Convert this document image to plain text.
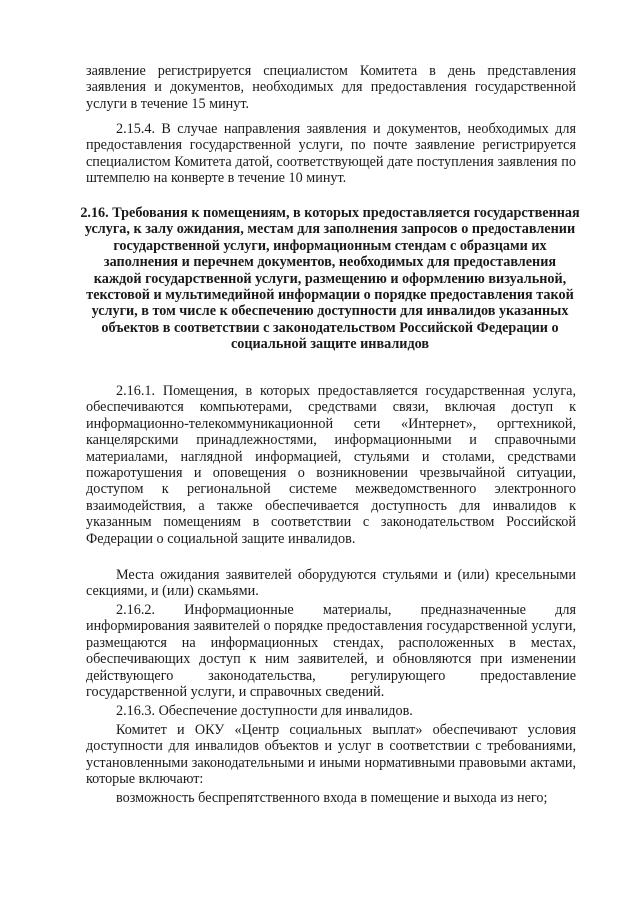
заявление регистрируется специалистом Комитета в день представления заявления и документов, необходимых для предоставления государственной услуги в течение 15 минут.

2.15.4. В случае направления заявления и документов, необходимых для предоставления государственной услуги, по почте заявление регистрируется специалистом Комитета датой, соответствующей дате поступления заявления по штемпелю на конверте в течение 10 минут.

2.16. Требования к помещениям, в которых предоставляется государственная услуга, к залу ожидания, местам для заполнения запросов о предоставлении государственной услуги, информационным стендам с образцами их заполнения и перечнем документов, необходимых для предоставления каждой государственной услуги, размещению и оформлению визуальной, текстовой и мультимедийной информации о порядке предоставления такой услуги, в том числе к обеспечению доступности для инвалидов указанных объектов в соответствии с законодательством Российской Федерации о социальной защите инвалидов

2.16.1. Помещения, в которых предоставляется государственная услуга, обеспечиваются компьютерами, средствами связи, включая доступ к информационно-телекоммуникационной сети «Интернет», оргтехникой, канцелярскими принадлежностями, информационными и справочными материалами, наглядной информацией, стульями и столами, средствами пожаротушения и оповещения о возникновении чрезвычайной ситуации, доступом к региональной системе межведомственного электронного взаимодействия, а также обеспечивается доступность для инвалидов к указанным помещениям в соответствии с законодательством Российской Федерации о социальной защите инвалидов.

Места ожидания заявителей оборудуются стульями и (или) кресельными секциями, и (или) скамьями.

2.16.2. Информационные материалы, предназначенные для информирования заявителей о порядке предоставления государственной услуги, размещаются на информационных стендах, расположенных в местах, обеспечивающих доступ к ним заявителей, и обновляются при изменении действующего законодательства, регулирующего предоставление государственной услуги, и справочных сведений.

2.16.3. Обеспечение доступности для инвалидов.

Комитет и ОКУ «Центр социальных выплат» обеспечивают условия доступности для инвалидов объектов и услуг в соответствии с требованиями, установленными законодательными и иными нормативными правовыми актами, которые включают:

возможность беспрепятственного входа в помещение и выхода из него;
